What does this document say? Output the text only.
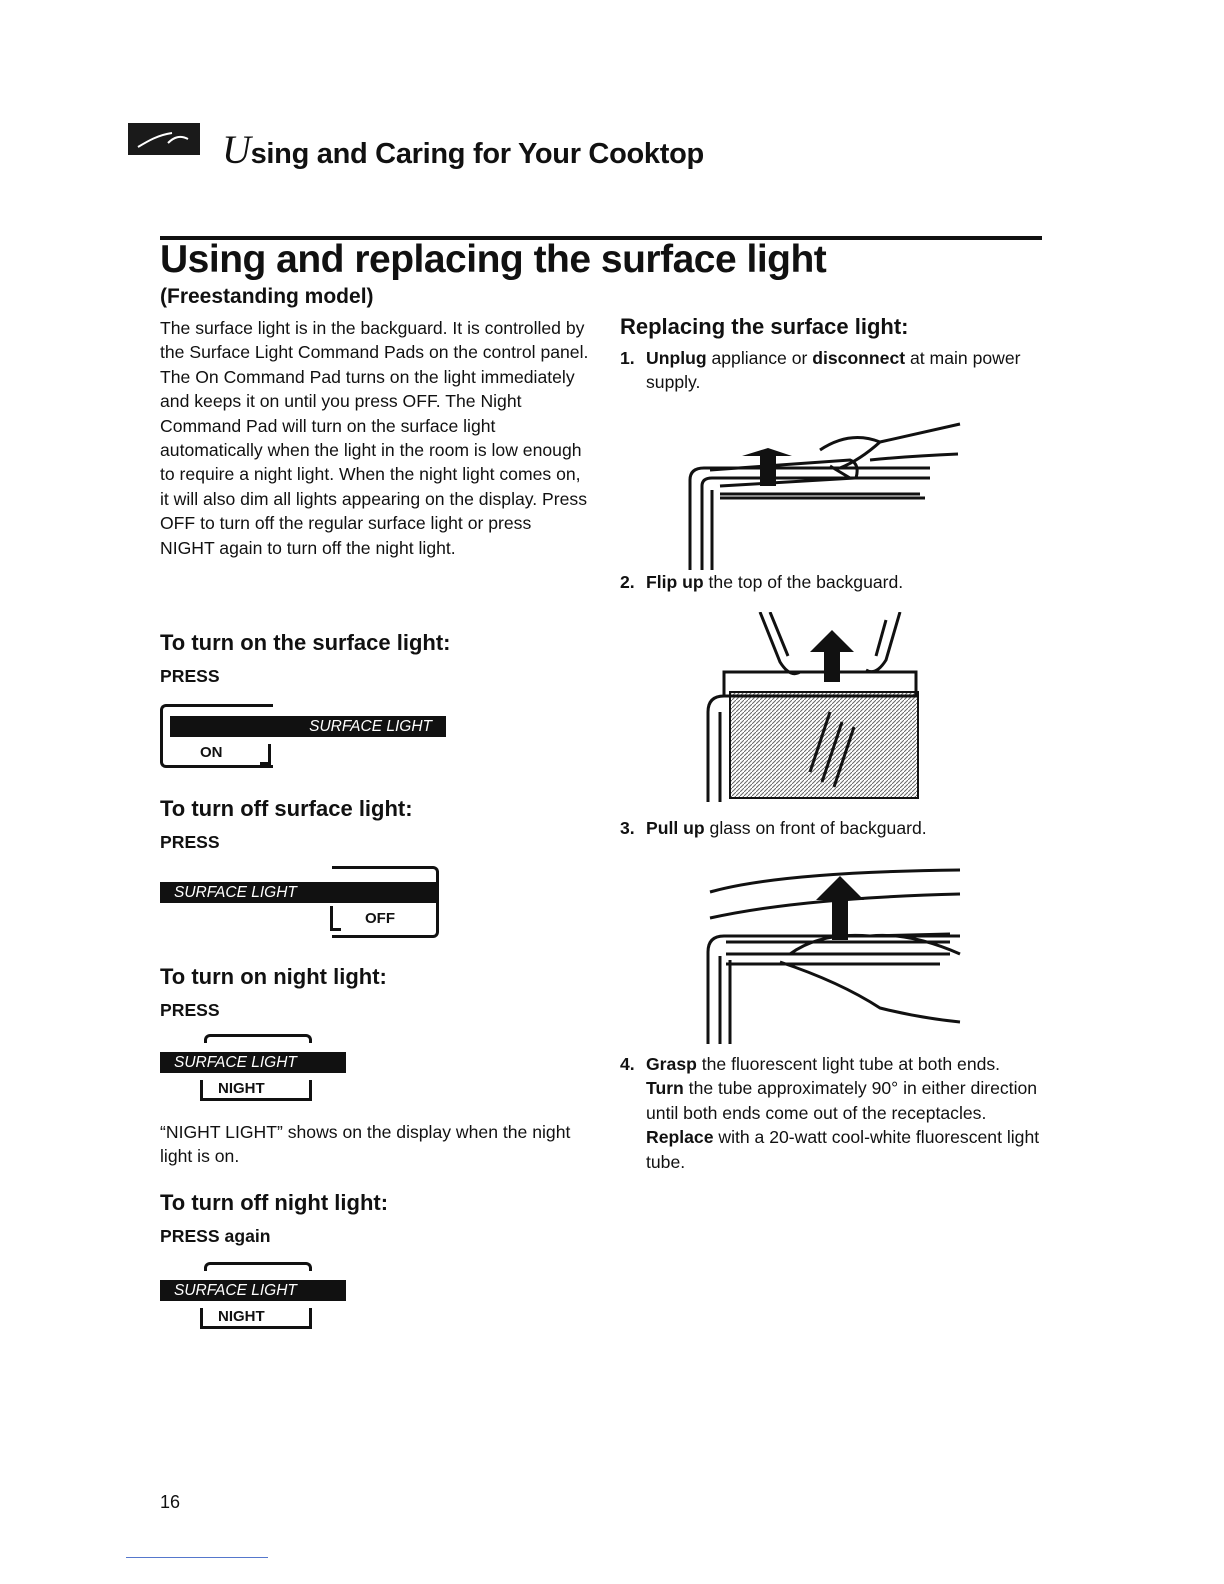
Using and Caring for Your Cooktop
Using and replacing the surface light
(Freestanding model)

The surface light is in the backguard. It is controlled by the Surface Light Command Pads on the control panel. The On Command Pad turns on the light immediately and keeps it on until you press OFF. The Night Command Pad will turn on the surface light automatically when the light in the room is low enough to require a night light. When the night light comes on, it will also dim all lights appearing on the display. Press OFF to turn off the regular surface light or press NIGHT again to turn off the night light.

To turn on the surface light:
PRESS
SURFACE LIGHT
ON
To turn off surface light:
PRESS
SURFACE LIGHT
OFF
To turn on night light:
PRESS
SURFACE LIGHT
NIGHT
“NIGHT LIGHT” shows on the display when the night light is on.
To turn off night light:
PRESS again
SURFACE LIGHT
NIGHT
Replacing the surface light:
1. Unplug appliance or disconnect at main power supply.
2. Flip up the top of the backguard.
3. Pull up glass on front of backguard.
4. Grasp the fluorescent light tube at both ends. Turn the tube approximately 90° in either direction until both ends come out of the receptacles. Replace with a 20-watt cool-white fluorescent light tube.
16
